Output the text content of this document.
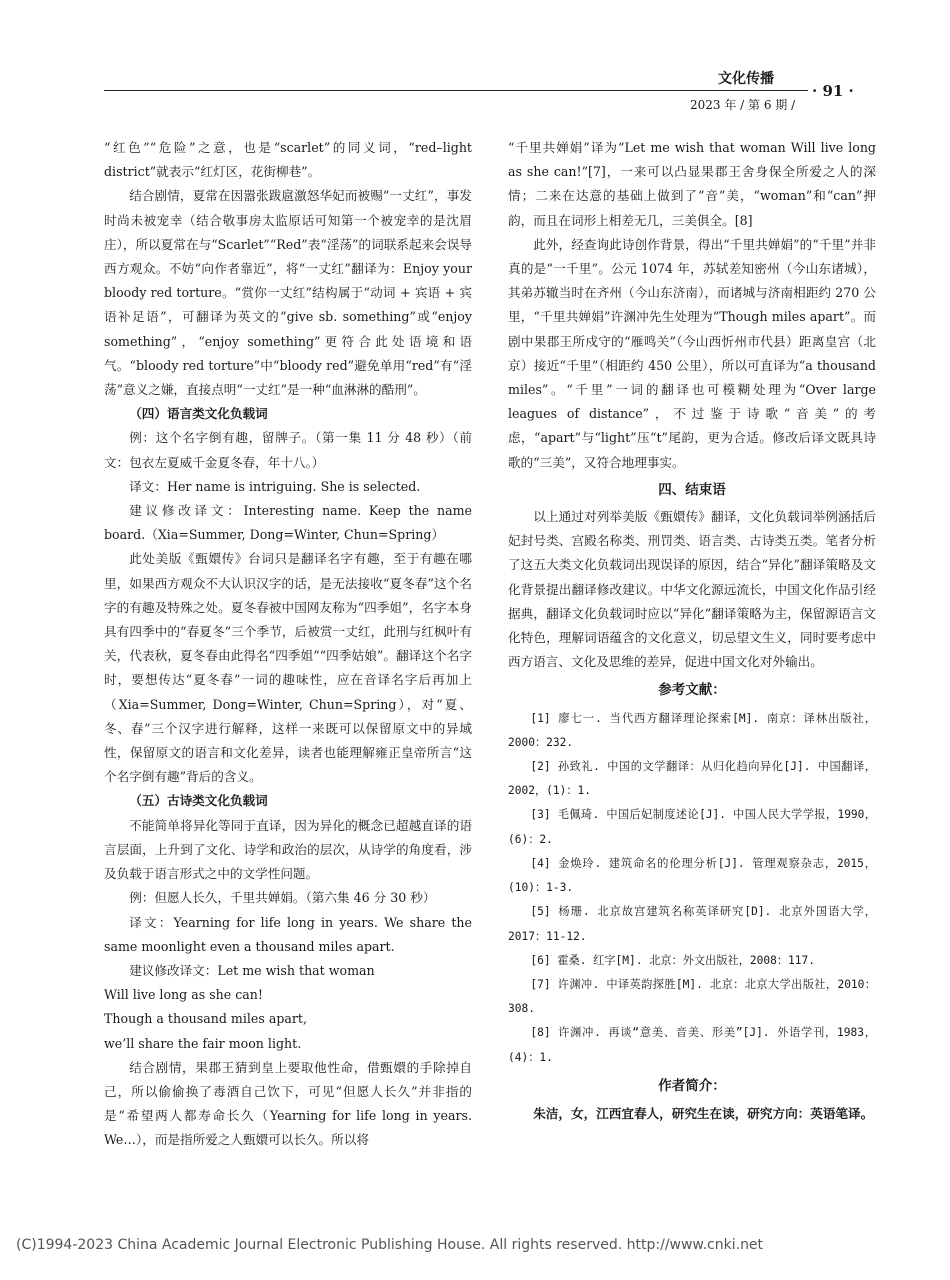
文化传播
· 91 ·
2023 年 / 第 6 期 /

“红色”“危险”之意，也是“scarlet”的同义词，“red–light district”就表示“红灯区，花街柳巷”。

结合剧情，夏常在因嚣张跋扈激怒华妃而被赐“一丈红”，事发时尚未被宠幸（结合敬事房太监原话可知第一个被宠幸的是沈眉庄），所以夏常在与“Scarlet”“Red”表“淫荡”的词联系起来会误导西方观众。不妨“向作者靠近”，将“一丈红”翻译为：Enjoy your bloody red torture。“赏你一丈红”结构属于“动词 + 宾语 + 宾语补足语”，可翻译为英文的“give sb. something”或“enjoy something”，“enjoy something”更符合此处语境和语气。“bloody red torture”中“bloody red”避免单用“red”有“淫荡”意义之嫌，直接点明“一丈红”是一种“血淋淋的酷刑”。

（四）语言类文化负载词

例：这个名字倒有趣，留牌子。（第一集 11 分 48 秒）（前文：包衣左夏威千金夏冬春，年十八。）

译文：Her name is intriguing. She is selected.

建议修改译文：Interesting name. Keep the name board.（Xia=Summer, Dong=Winter, Chun=Spring）

此处美版《甄嬛传》台词只是翻译名字有趣，至于有趣在哪里，如果西方观众不大认识汉字的话，是无法接收“夏冬春”这个名字的有趣及特殊之处。夏冬春被中国网友称为“四季姐”，名字本身具有四季中的“春夏冬”三个季节，后被赏一丈红，此刑与红枫叶有关，代表秋，夏冬春由此得名“四季姐”“四季姑娘”。翻译这个名字时，要想传达“夏冬春”一词的趣味性，应在音译名字后再加上（Xia=Summer, Dong=Winter, Chun=Spring），对“夏、冬、春”三个汉字进行解释，这样一来既可以保留原文中的异域性，保留原文的语言和文化差异，读者也能理解雍正皇帝所言“这个名字倒有趣”背后的含义。

（五）古诗类文化负载词

不能简单将异化等同于直译，因为异化的概念已超越直译的语言层面，上升到了文化、诗学和政治的层次，从诗学的角度看，涉及负载于语言形式之中的文学性问题。

例：但愿人长久，千里共婵娟。（第六集 46 分 30 秒）

译文：Yearning for life long in years. We share the same moonlight even a thousand miles apart.

建议修改译文：Let me wish that woman

Will live long as she can!

Though a thousand miles apart,

we’ll share the fair moon light.

结合剧情，果郡王猜到皇上要取他性命，借甄嬛的手除掉自己，所以偷偷换了毒酒自己饮下，可见“但愿人长久”并非指的是“希望两人都寿命长久（Yearning for life long in years. We…），而是指所爱之人甄嬛可以长久。所以将

“千里共婵娟”译为“Let me wish that woman Will live long as she can!”[7]，一来可以凸显果郡王舍身保全所爱之人的深情；二来在达意的基础上做到了“音”美，“woman”和“can”押韵，而且在词形上相差无几，三美俱全。[8]

此外，经查询此诗创作背景，得出“千里共婵娟”的“千里”并非真的是“一千里”。公元 1074 年，苏轼差知密州（今山东诸城），其弟苏辙当时在齐州（今山东济南），而诸城与济南相距约 270 公里，“千里共婵娟”许渊冲先生处理为“Though miles apart”。而剧中果郡王所戍守的“雁鸣关”（今山西忻州市代县）距离皇宫（北京）接近“千里”（相距约 450 公里），所以可直译为“a thousand miles”。“千里”一词的翻译也可模糊处理为“Over large leagues of distance”，不过鉴于诗歌“音美”的考虑，“apart”与“light”压“t”尾韵，更为合适。修改后译文既具诗歌的“三美”，又符合地理事实。

四、结束语

以上通过对列举美版《甄嬛传》翻译，文化负载词举例涵括后妃封号类、宫殿名称类、刑罚类、语言类、古诗类五类。笔者分析了这五大类文化负载词出现误译的原因，结合“异化”翻译策略及文化背景提出翻译修改建议。中华文化源远流长，中国文化作品引经据典，翻译文化负载词时应以“异化”翻译策略为主，保留源语言文化特色，理解词语蕴含的文化意义，切忌望文生义，同时要考虑中西方语言、文化及思维的差异，促进中国文化对外输出。

参考文献：

[1] 廖七一. 当代西方翻译理论探索[M]. 南京：译林出版社，2000：232.

[2] 孙致礼. 中国的文学翻译：从归化趋向异化[J]. 中国翻译，2002，(1)：1.

[3] 毛佩琦. 中国后妃制度述论[J]. 中国人民大学学报，1990，(6)：2.

[4] 金焕玲. 建筑命名的伦理分析[J]. 管理观察杂志，2015，(10)：1-3.

[5] 杨珊. 北京故宫建筑名称英译研究[D]. 北京外国语大学，2017：11-12.

[6] 霍桑. 红字[M]. 北京：外文出版社，2008：117.

[7] 许渊冲. 中译英韵探胜[M]. 北京：北京大学出版社，2010：308.

[8] 许渊冲. 再谈“意美、音美、形美”[J]. 外语学刊，1983，(4)：1.

作者简介：

朱洁，女，江西宜春人，研究生在读，研究方向：英语笔译。

(C)1994-2023 China Academic Journal Electronic Publishing House. All rights reserved. http://www.cnki.net
